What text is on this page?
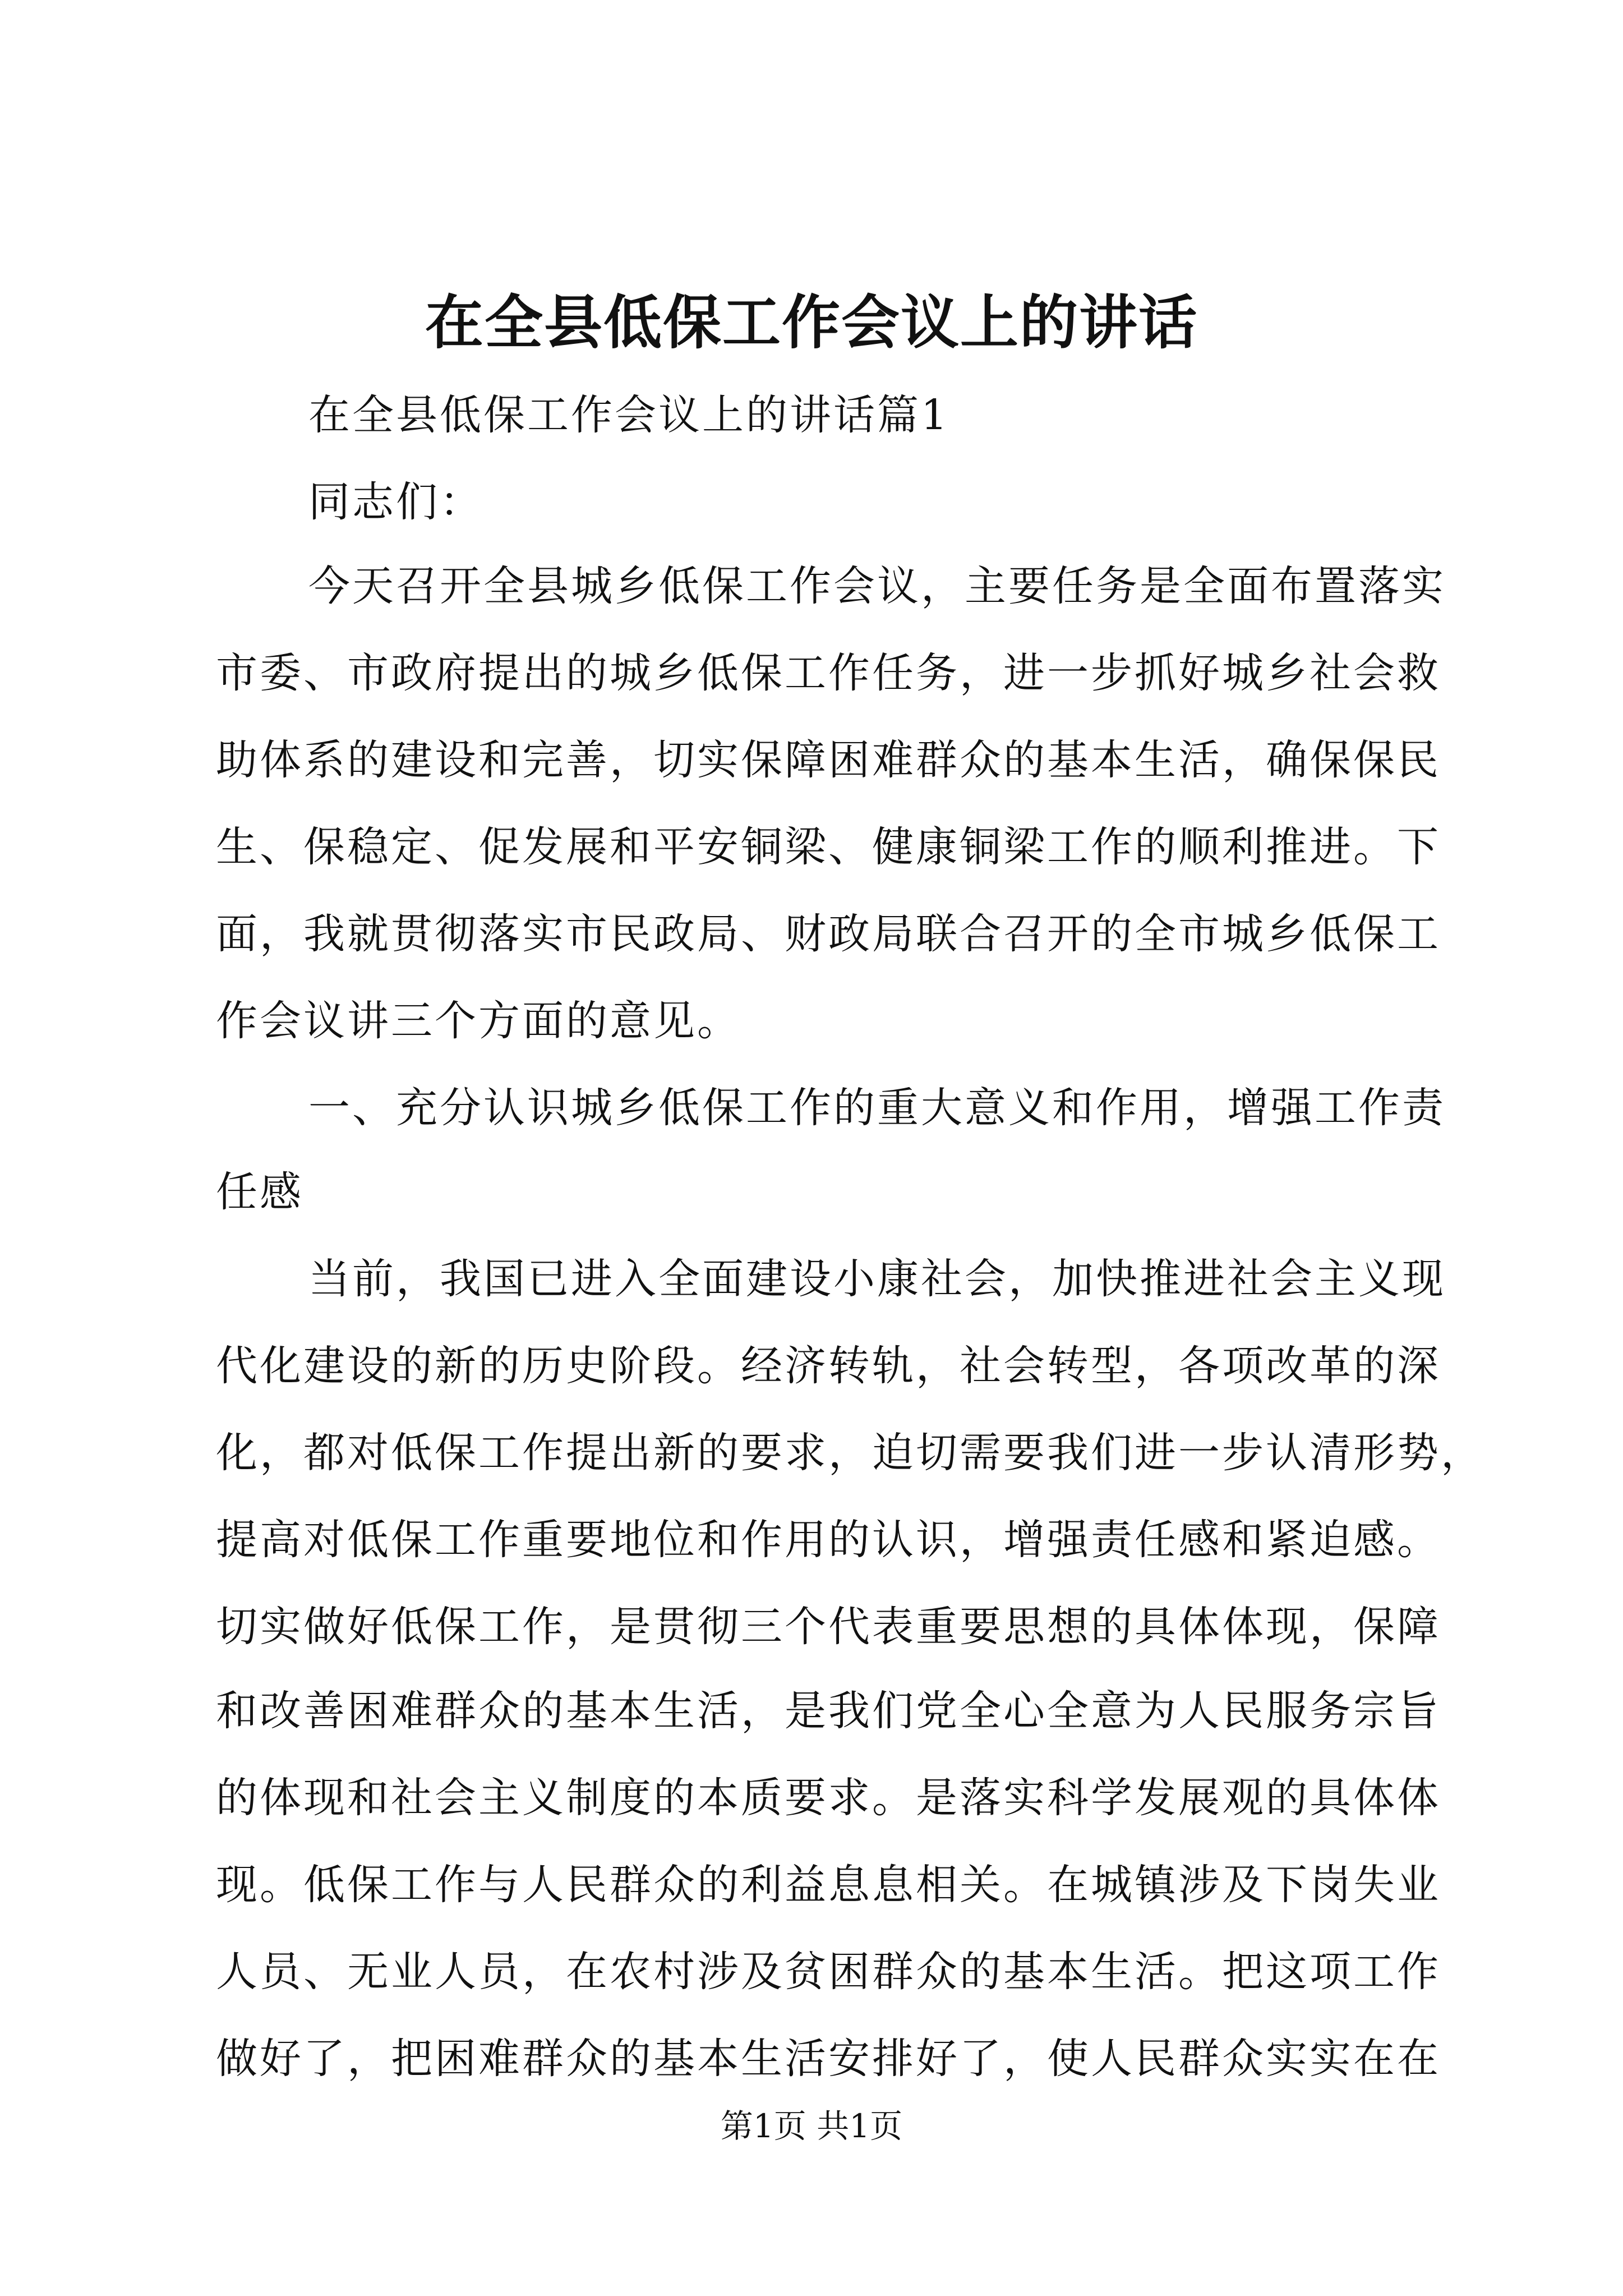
在全县低保工作会议上的讲话
在全县低保工作会议上的讲话篇1
同志们：
今天召开全县城乡低保工作会议，主要任务是全面布置落实
市委、市政府提出的城乡低保工作任务，进一步抓好城乡社会救
助体系的建设和完善，切实保障困难群众的基本生活，确保保民
生、保稳定、促发展和平安铜梁、健康铜梁工作的顺利推进。下
面，我就贯彻落实市民政局、财政局联合召开的全市城乡低保工
作会议讲三个方面的意见。
一、充分认识城乡低保工作的重大意义和作用，增强工作责
任感
当前，我国已进入全面建设小康社会，加快推进社会主义现
代化建设的新的历史阶段。经济转轨，社会转型，各项改革的深
化，都对低保工作提出新的要求，迫切需要我们进一步认清形势，
提高对低保工作重要地位和作用的认识，增强责任感和紧迫感。
切实做好低保工作，是贯彻三个代表重要思想的具体体现，保障
和改善困难群众的基本生活，是我们党全心全意为人民服务宗旨
的体现和社会主义制度的本质要求。是落实科学发展观的具体体
现。低保工作与人民群众的利益息息相关。在城镇涉及下岗失业
人员、无业人员，在农村涉及贫困群众的基本生活。把这项工作
做好了，把困难群众的基本生活安排好了，使人民群众实实在在
第1页 共1页
